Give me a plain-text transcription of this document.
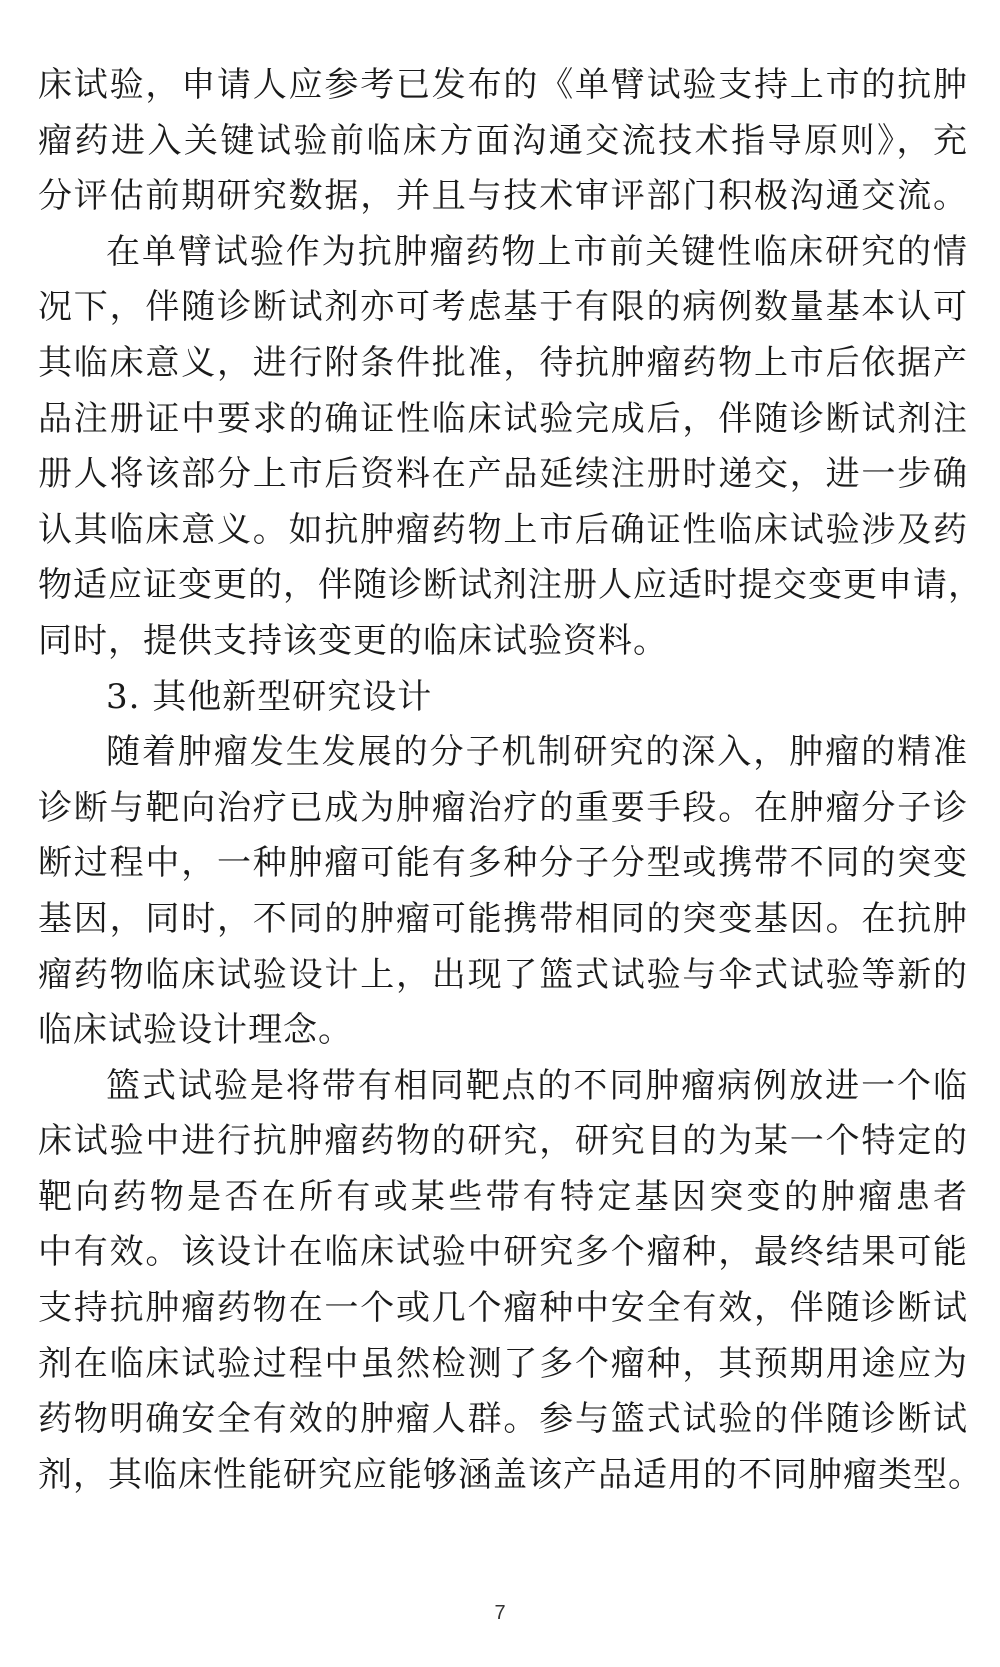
床试验，申请人应参考已发布的《单臂试验支持上市的抗肿
瘤药进入关键试验前临床方面沟通交流技术指导原则》，充
分评估前期研究数据，并且与技术审评部门积极沟通交流。
在单臂试验作为抗肿瘤药物上市前关键性临床研究的情
况下，伴随诊断试剂亦可考虑基于有限的病例数量基本认可
其临床意义，进行附条件批准，待抗肿瘤药物上市后依据产
品注册证中要求的确证性临床试验完成后，伴随诊断试剂注
册人将该部分上市后资料在产品延续注册时递交，进一步确
认其临床意义。如抗肿瘤药物上市后确证性临床试验涉及药
物适应证变更的，伴随诊断试剂注册人应适时提交变更申请，
同时，提供支持该变更的临床试验资料。
3. 其他新型研究设计
随着肿瘤发生发展的分子机制研究的深入，肿瘤的精准
诊断与靶向治疗已成为肿瘤治疗的重要手段。在肿瘤分子诊
断过程中，一种肿瘤可能有多种分子分型或携带不同的突变
基因，同时，不同的肿瘤可能携带相同的突变基因。在抗肿
瘤药物临床试验设计上，出现了篮式试验与伞式试验等新的
临床试验设计理念。
篮式试验是将带有相同靶点的不同肿瘤病例放进一个临
床试验中进行抗肿瘤药物的研究，研究目的为某一个特定的
靶向药物是否在所有或某些带有特定基因突变的肿瘤患者
中有效。该设计在临床试验中研究多个瘤种，最终结果可能
支持抗肿瘤药物在一个或几个瘤种中安全有效，伴随诊断试
剂在临床试验过程中虽然检测了多个瘤种，其预期用途应为
药物明确安全有效的肿瘤人群。参与篮式试验的伴随诊断试
剂，其临床性能研究应能够涵盖该产品适用的不同肿瘤类型。
7
